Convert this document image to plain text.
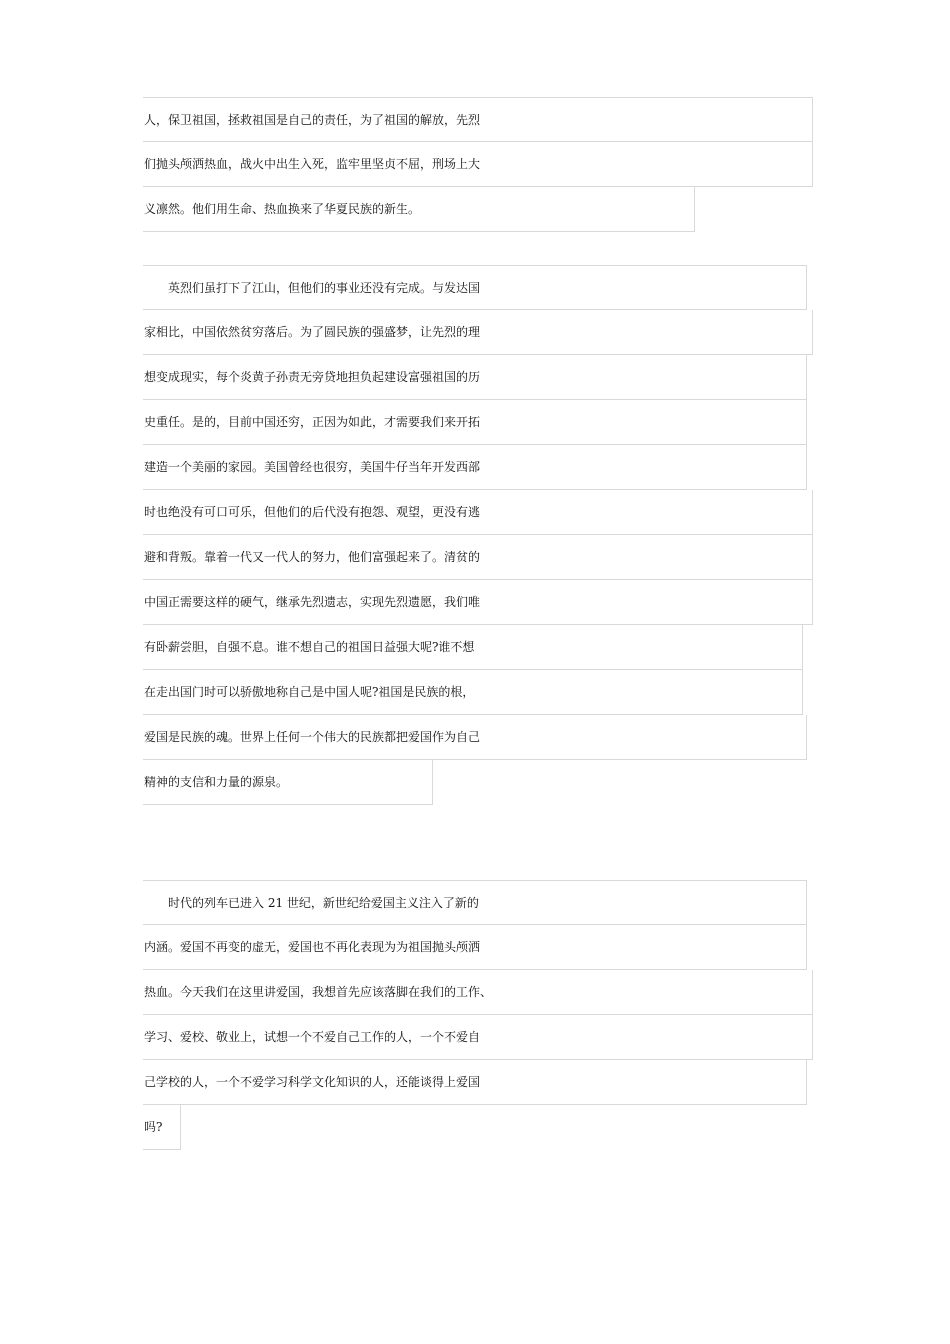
人，保卫祖国，拯救祖国是自己的责任，为了祖国的解放，先烈
们抛头颅洒热血，战火中出生入死，监牢里坚贞不屈，刑场上大
义凛然。他们用生命、热血换来了华夏民族的新生。
　　英烈们虽打下了江山，但他们的事业还没有完成。与发达国
家相比，中国依然贫穷落后。为了圆民族的强盛梦，让先烈的理
想变成现实，每个炎黄子孙责无旁贷地担负起建设富强祖国的历
史重任。是的，目前中国还穷，正因为如此，才需要我们来开拓
建造一个美丽的家园。美国曾经也很穷，美国牛仔当年开发西部
时也绝没有可口可乐，但他们的后代没有抱怨、观望，更没有逃
避和背叛。靠着一代又一代人的努力，他们富强起来了。清贫的
中国正需要这样的硬气，继承先烈遗志，实现先烈遗愿，我们唯
有卧薪尝胆，自强不息。谁不想自己的祖国日益强大呢?谁不想
在走出国门时可以骄傲地称自己是中国人呢?祖国是民族的根，
爱国是民族的魂。世界上任何一个伟大的民族都把爱国作为自己
精神的支信和力量的源泉。
　　时代的列车已进入 21 世纪，新世纪给爱国主义注入了新的
内涵。爱国不再变的虚无，爱国也不再化表现为为祖国抛头颅洒
热血。今天我们在这里讲爱国，我想首先应该落脚在我们的工作、
学习、爱校、敬业上，试想一个不爱自己工作的人，一个不爱自
己学校的人，一个不爱学习科学文化知识的人，还能谈得上爱国
吗?
